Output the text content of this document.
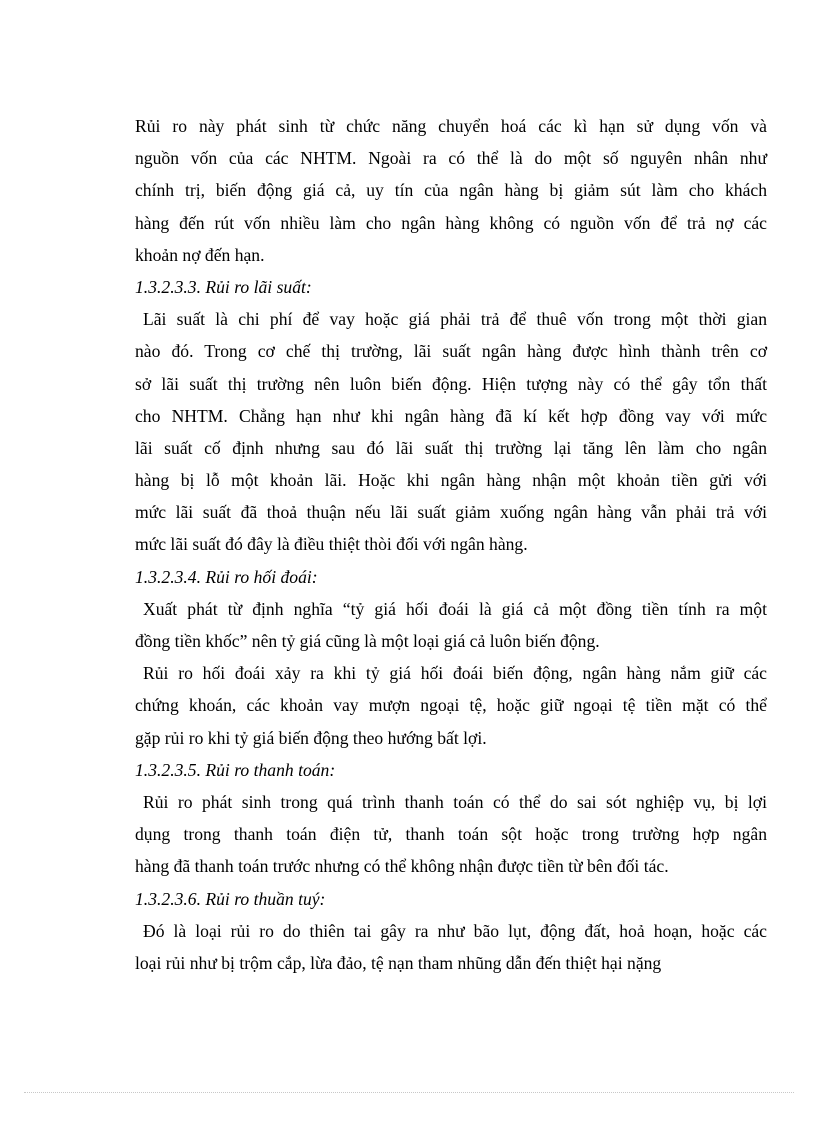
Rủi ro này phát sinh từ chức năng chuyển hoá các kì hạn sử dụng vốn và
nguồn vốn của các NHTM. Ngoài ra có thể là do một số nguyên nhân như
chính trị, biến động giá cả, uy tín của ngân hàng bị giảm sút làm cho khách
hàng đến rút vốn nhiều làm cho ngân hàng không có nguồn vốn để trả nợ các
khoản nợ đến hạn.
1.3.2.3.3. Rủi ro lãi suất:
Lãi suất là chi phí để vay hoặc giá phải trả để thuê vốn trong một thời gian
nào đó. Trong cơ chế thị trường, lãi suất ngân hàng được hình thành trên cơ
sở lãi suất thị trường nên luôn biến động. Hiện tượng này có thể gây tổn thất
cho NHTM. Chẳng hạn như khi ngân hàng đã kí kết hợp đồng vay với mức
lãi suất cố định nhưng sau đó lãi suất thị trường lại tăng lên làm cho ngân
hàng bị lỗ một khoản lãi. Hoặc khi ngân hàng nhận một khoản tiền gửi với
mức lãi suất đã thoả thuận nếu lãi suất giảm xuống ngân hàng vẫn phải trả với
mức lãi suất đó đây là điều thiệt thòi đối với ngân hàng.
1.3.2.3.4. Rủi ro hối đoái:
Xuất phát từ định nghĩa “tỷ giá hối đoái là giá cả một đồng tiền tính ra một
đồng tiền khốc” nên tỷ giá cũng là một loại giá cả luôn biến động.
Rủi ro hối đoái xảy ra khi tỷ giá hối đoái biến động, ngân hàng nắm giữ các
chứng khoán, các khoản vay mượn ngoại tệ, hoặc giữ ngoại tệ tiền mặt có thể
gặp rủi ro khi tỷ giá biến động theo hướng bất lợi.
1.3.2.3.5. Rủi ro thanh toán:
Rủi ro phát sinh trong quá trình thanh toán có thể do sai sót nghiệp vụ, bị lợi
dụng trong thanh toán điện tử, thanh toán sột hoặc trong trường hợp ngân
hàng đã thanh toán trước nhưng có thể không nhận được tiền từ bên đối tác.
1.3.2.3.6. Rủi ro thuần tuý:
Đó là loại rủi ro do thiên tai gây ra như bão lụt, động đất, hoả hoạn, hoặc các
loại rủi như bị trộm cắp, lừa đảo, tệ nạn tham nhũng dẫn đến thiệt hại nặng
